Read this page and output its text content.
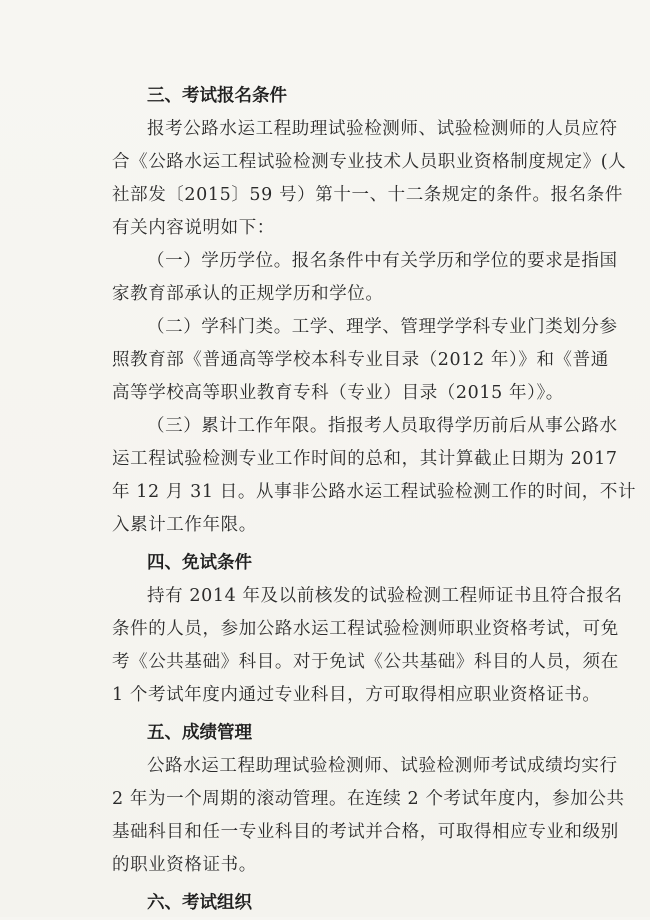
三、考试报名条件

报考公路水运工程助理试验检测师、试验检测师的人员应符

合《公路水运工程试验检测专业技术人员职业资格制度规定》(人

社部发〔2015〕59 号）第十一、十二条规定的条件。报名条件

有关内容说明如下：

（一）学历学位。报名条件中有关学历和学位的要求是指国

家教育部承认的正规学历和学位。

（二）学科门类。工学、理学、管理学学科专业门类划分参

照教育部《普通高等学校本科专业目录（2012 年）》和《普通

高等学校高等职业教育专科（专业）目录（2015 年）》。

（三）累计工作年限。指报考人员取得学历前后从事公路水

运工程试验检测专业工作时间的总和，其计算截止日期为 2017

年 12 月 31 日。从事非公路水运工程试验检测工作的时间，不计

入累计工作年限。

四、免试条件

持有 2014 年及以前核发的试验检测工程师证书且符合报名

条件的人员，参加公路水运工程试验检测师职业资格考试，可免

考《公共基础》科目。对于免试《公共基础》科目的人员，须在

1 个考试年度内通过专业科目，方可取得相应职业资格证书。

五、成绩管理

公路水运工程助理试验检测师、试验检测师考试成绩均实行

2 年为一个周期的滚动管理。在连续 2 个考试年度内，参加公共

基础科目和任一专业科目的考试并合格，可取得相应专业和级别

的职业资格证书。

六、考试组织
